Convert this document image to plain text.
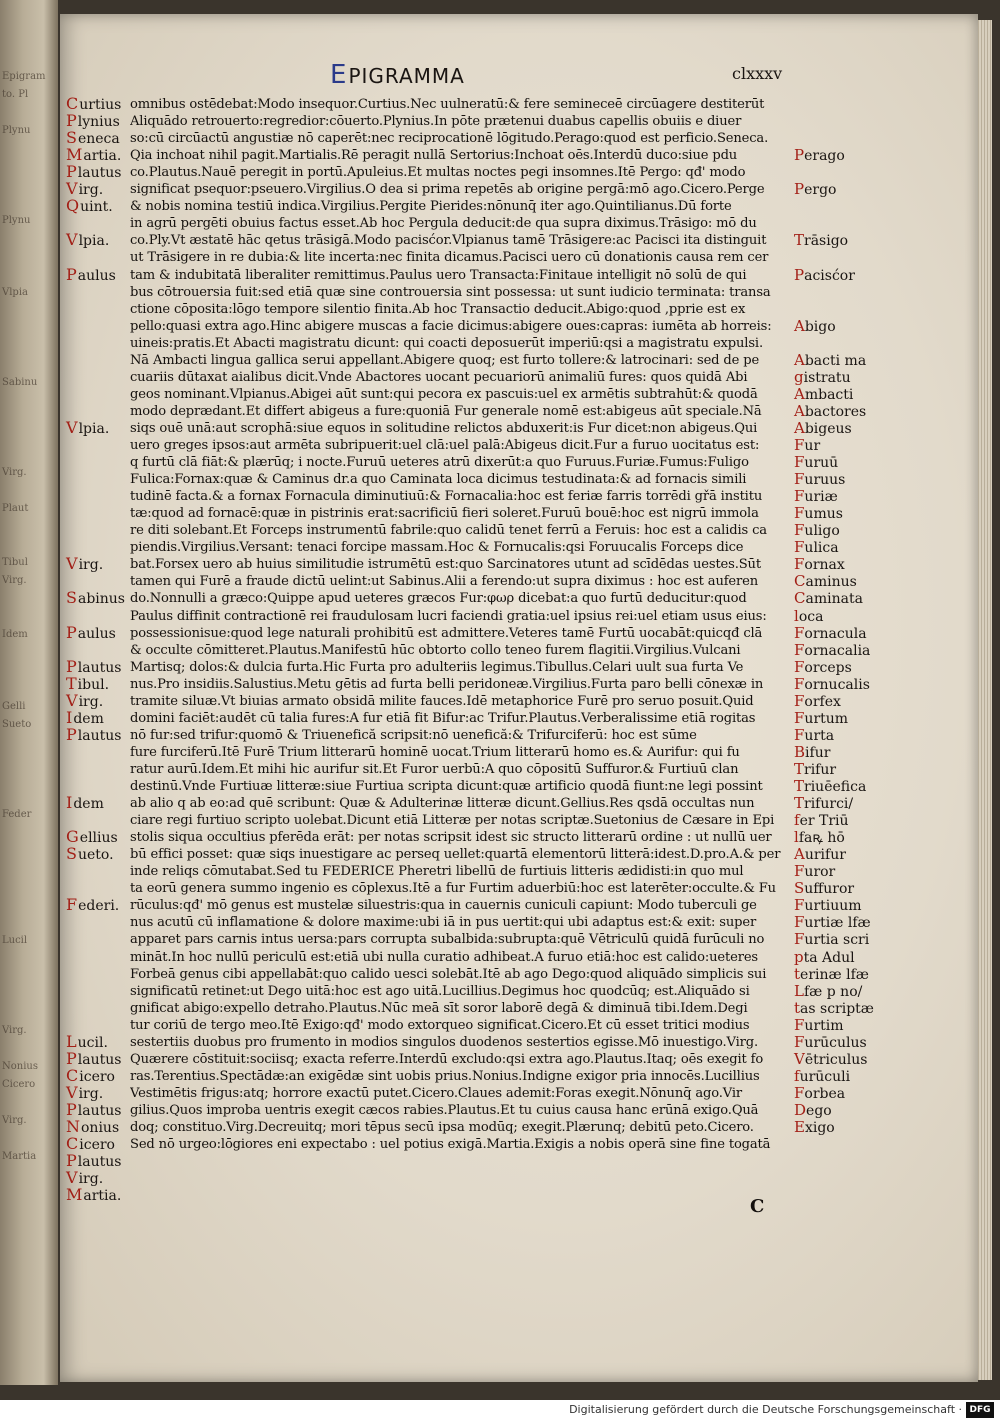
Epigram
to. Pl
Plynu
Plynu
Vlpia
Sabinu
Virg.
Plaut
Tibul
Virg.
Idem
Gelli
Sueto
Feder
Lucil
Virg.
Nonius
Cicero
Virg.
Martia
EPIGRAMMA	clxxxv
Curtius
Plynius
Seneca
Martia.
Plautus
Virg.
Quint.
Vlpia.
Paulus
Vlpia.
Virg.
Sabinus
Paulus
Plautus
Tibul.
Virg.
Idem
Plautus
Idem
Gellius
Sueto.
Federi.
Lucil.
Plautus
Cicero
Virg.
Plautus
Nonius
Cicero
Plautus
Virg.
Martia.
omnibus ostēdebat:Modo insequor.Curtius.Nec uulneratū:& fere semineceē circūagere destiterūt
Aliquādo retrouerto:regredior:cōuerto.Plynius.In pōte prætenui duabus capellis obuiis e diuer
so:cū circūactū angustiæ nō caperēt:nec reciprocationē lōgitudo.Perago:quod est perficio.Seneca.
Qia inchoat nihil pagit.Martialis.Rē peragit nullā Sertorius:Inchoat oēs.Interdū duco:siue pdu
co.Plautus.Nauē peregit in portū.Apuleius.Et multas noctes pegi insomnes.Itē Pergo: qđ' modo
significat psequor:pseuero.Virgilius.O dea si prima repetēs ab origine pergā:mō ago.Cicero.Perge
& nobis nomina testiū indica.Virgilius.Pergite Pierides:nōnunq̄ iter ago.Quintilianus.Dū forte
in agrū pergēti obuius factus esset.Ab hoc Pergula deducit:de qua supra diximus.Trāsigo: mō du
co.Ply.Vt æstatē hāc qetus trāsigā.Modo pacisćor.Vlpianus tamē Trāsigere:ac Pacisci ita distinguit
ut Trāsigere in re dubia:& lite incerta:nec finita dicamus.Pacisci uero cū donationis causa rem cer
tam & indubitatā liberaliter remittimus.Paulus uero Transacta:Finitaue intelligit nō solū de qui
bus cōtrouersia fuit:sed etiā quæ sine controuersia sint possessa: ut sunt iudicio terminata: transa
ctione cōposita:lōgo tempore silentio finita.Ab hoc Transactio deducit.Abigo:quod ,pprie est ex
pello:quasi extra ago.Hinc abigere muscas a facie dicimus:abigere oues:capras: iumēta ab horreis:
uineis:pratis.Et Abacti magistratu dicunt: qui coacti deposuerūt imperiū:qsi a magistratu expulsi.
Nā Ambacti lingua gallica serui appellant.Abigere quoq; est furto tollere:& latrocinari: sed de pe
cuariis dūtaxat aialibus dicit.Vnde Abactores uocant pecuariorū animaliū fures: quos quidā Abi
geos nominant.Vlpianus.Abigei aūt sunt:qui pecora ex pascuis:uel ex armētis subtrahūt:& quodā
modo deprædant.Et differt abigeus a fure:quoniā Fur generale nomē est:abigeus aūt speciale.Nā
siqs ouē unā:aut scrophā:siue equos in solitudine relictos abduxerit:is Fur dicet:non abigeus.Qui
uero greges ipsos:aut armēta subripuerit:uel clā:uel palā:Abigeus dicit.Fur a furuo uocitatus est:
q furtū clā fiāt:& plærūq; i nocte.Furuū ueteres atrū dixerūt:a quo Furuus.Furiæ.Fumus:Fuligo
Fulica:Fornax:quæ & Caminus dr.a quo Caminata loca dicimus testudinata:& ad fornacis simili
tudinē facta.& a fornax Fornacula diminutiuū:& Fornacalia:hoc est feriæ farris torrēdi gřā institu
tæ:quod ad fornacē:quæ in pistrinis erat:sacrificiū fieri soleret.Furuū bouē:hoc est nigrū immola
re diti solebant.Et Forceps instrumentū fabrile:quo calidū tenet ferrū a Feruis: hoc est a calidis ca
piendis.Virgilius.Versant: tenaci forcipe massam.Hoc & Fornucalis:qsi Foruucalis Forceps dice
bat.Forsex uero ab huius similitudie istrumētū est:quo Sarcinatores utunt ad scīdēdas uestes.Sūt
tamen qui Furē a fraude dictū uelint:ut Sabinus.Alii a ferendo:ut supra diximus : hoc est auferen
do.Nonnulli a græco:Quippe apud ueteres græcos Fur:φωρ dicebat:a quo furtū deducitur:quod
Paulus diffinit contractionē rei fraudulosam lucri faciendi gratia:uel ipsius rei:uel etiam usus eius:
possessionisue:quod lege naturali prohibitū est admittere.Veteres tamē Furtū uocabāt:quicqđ clā
& occulte cōmitteret.Plautus.Manifestū hūc obtorto collo teneo furem flagitii.Virgilius.Vulcani
Martisq; dolos:& dulcia furta.Hic Furta pro adulteriis legimus.Tibullus.Celari uult sua furta Ve
nus.Pro insidiis.Salustius.Metu gētis ad furta belli peridoneæ.Virgilius.Furta paro belli cōnexæ in
tramite siluæ.Vt biuias armato obsidā milite fauces.Idē metaphorice Furē pro seruo posuit.Quid
domini faciēt:audēt cū talia fures:A fur etiā fit Bifur:ac Trifur.Plautus.Verberalissime etiā rogitas
nō fur:sed trifur:quomō & Triuenefică scripsit:nō uenefică:& Trifurciferū: hoc est sūme
fure furciferū.Itē Furē Trium litterarū hominē uocat.Trium litterarū homo es.& Aurifur: qui fu
ratur aurū.Idem.Et mihi hic aurifur sit.Et Furor uerbū:A quo cōpositū Suffuror.& Furtiuū clan
destinū.Vnde Furtiuæ litteræ:siue Furtiua scripta dicunt:quæ artificio quodā fiunt:ne legi possint
ab alio q ab eo:ad quē scribunt: Quæ & Adulterinæ litteræ dicunt.Gellius.Res qsdā occultas nun
ciare regi furtiuo scripto uolebat.Dicunt etiā Litteræ per notas scriptæ.Suetonius de Cæsare in Epi
stolis siqua occultius pferēda erāt: per notas scripsit idest sic structo litterarū ordine : ut nullū uer
bū effici posset: quæ siqs inuestigare ac perseq uellet:quartā elementorū litterā:idest.D.pro.A.& per
inde reliqs cōmutabat.Sed tu FEDERICE Pheretri libellū de furtiuis litteris ædidisti:in quo mul
ta eorū genera summo ingenio es cōplexus.Itē a fur Furtim aduerbiū:hoc est laterēter:occulte.& Fu
rūculus:qđ' mō genus est mustelæ siluestris:qua in cauernis cuniculi capiunt: Modo tuberculi ge
nus acutū cū inflamatione & dolore maxime:ubi iā in pus uertit:qui ubi adaptus est:& exit: super
apparet pars carnis intus uersa:pars corrupta subalbida:subrupta:quē Vētriculū quidā furūculi no
mināt.In hoc nullū periculū est:etiā ubi nulla curatio adhibeat.A furuo etiā:hoc est calido:ueteres
Forbeā genus cibi appellabāt:quo calido uesci solebāt.Itē ab ago Dego:quod aliquādo simplicis sui
significatū retinet:ut Dego uitā:hoc est ago uitā.Lucillius.Degimus hoc quodcūq; est.Aliquādo si
gnificat abigo:expello detraho.Plautus.Nūc meā sīt soror laborē degā & diminuā tibi.Idem.Degi
tur coriū de tergo meo.Itē Exigo:qđ' modo extorqueo significat.Cicero.Et cū esset tritici modius
sestertiis duobus pro frumento in modios singulos duodenos sestertios egisse.Mō inuestigo.Virg.
Quærere cōstituit:sociisq; exacta referre.Interdū excludo:qsi extra ago.Plautus.Itaq; oēs exegit fo
ras.Terentius.Spectādæ:an exigēdæ sint uobis prius.Nonius.Indigne exigor pria innocēs.Lucillius
Vestimētis frigus:atq; horrore exactū putet.Cicero.Claues ademit:Foras exegit.Nōnunq̄ ago.Vir
gilius.Quos improba uentris exegit cæcos rabies.Plautus.Et tu cuius causa hanc erūnā exigo.Quā
doq; constituo.Virg.Decreuitq; mori tēpus secū ipsa modūq; exegit.Plærunq; debitū peto.Cicero.
Sed nō urgeo:lōgiores eni expectabo : uel potius exigā.Martia.Exigis a nobis operā sine fine togatā
Perago
Pergo
Trāsigo
Pacisćor
Abigo
Abacti ma
gistratu
Ambacti
Abactores
Abigeus
Fur
Furuū
Furuus
Furiæ
Fumus
Fuligo
Fulica
Fornax
Caminus
Caminata
loca
Fornacula
Fornacalia
Forceps
Fornucalis
Forfex
Furtum
Furta
Bifur
Trifur
Triuēefica
Trifurci/
fer Triū
lfaꝶ hō
Aurifur
Furor
Suffuror
Furtiuum
Furtiæ lfæ
Furtia scri
pta Adul
terinæ lfæ
Lfæ p no/
tas scriptæ
Furtim
Furūculus
Vētriculus
furūculi
Forbea
Dego
Exigo
C
Digitalisierung gefördert durch die Deutsche Forschungsgemeinschaft · DFG
